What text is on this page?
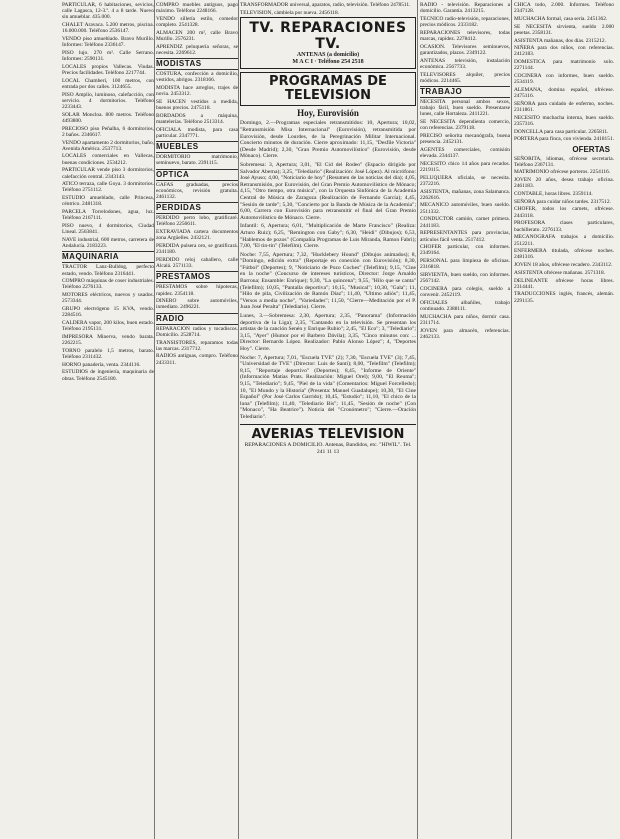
PARTICULAR, 6 habitaciones, sevicios, calle Lagasca, 12-3.º. 4 a 8 tarde. Nuevo sin amueblar. 435.000.

CHALET Aravaca. 5.200 metros, piscina. 16.000.000. Teléfono 2536147.

VENDO piso amueblado. Bravo Murillo. Informes: Teléfono 2336147.

PISO lujo. 270 m². Calle Serrano. Informes: 2590131.

LOCALES propios Vallecas. Viudas. Precios facilidades. Teléfono 2217744.

LOCAL Chamberí, 100 metros, con entrada por dos calles. 3124655.

PISO Amplio, luminoso, calefacción, con servicio. 4 dormitorios. Teléfono 2233443.

SOLAR Moncloa. 800 metros. Teléfono 4493800.

PRECIOSO piso Peñalba, 6 dormitorios, 2 baños. 2346617.

VENDO apartamento 2 dormitorios, baño, Avenida América. 2537713.

LOCALES comerciales en Vallecas, buenas condiciones. 2534212.

PARTICULAR vende piso 3 dormitorios, calefacción central. 2343143.

ATICO terraza, calle Goya. 3 dormitorios. Teléfono 2751112.

ESTUDIO amueblado, calle Princesa, céntrico. 2481318.

PARCELA Torrelodones, agua, luz. Teléfono 2167111.

PISO nuevo, 4 dormitorios, Ciudad Lineal. 2563841.

NAVE industrial, 600 metros, carretera de Andalucía. 2183223.

MAQUINARIA

TRACTOR Lanz-Bulldog, perfecto estado, vendo. Teléfono 2316441.

COMPRO máquinas de coser industriales. Teléfono 2276133.

MOTORES eléctricos, nuevos y usados. 2573344.

GRUPO electrógeno 15 KVA, vendo. 2284516.

CALDERA vapor, 200 kilos, buen estado. Teléfono 2195131.

IMPRESORA Minerva, vendo barata. 2262215.

TORNO paralelo 1,5 metros, barato. Teléfono 2311432.

HORNO panadería, venta. 2344116.

ESTUDIOS de ingeniería, maquinaria de obras. Teléfono 2545180.

COMPRO muebles antiguos, pago máximo. Teléfono 2248166.

VENDO sillería estilo, comedor completo. 2541328.

ALMACEN 200 m², calle Bravo Murillo. 2576231.

APRENDIZ peluquería señoras, se necesita. 2269612.

MODISTAS

COSTURA, confección a domicilio, vestidos, abrigos. 2318166.

MODISTA hace arreglos, trajes de novia. 2453312.

SE HACEN vestidos a medida, buenos precios. 2475118.

BORDADOS a máquina, mantelerías. Teléfono 2513314.

OFICIALA modista, para casa particular. 2347771.

MUEBLES

DORMITORIO matrimonio, seminuevo, barato. 2391115.

OPTICA

GAFAS graduadas, precios económicos, revisión gratuita. 2461132.

PERDIDAS

PERDIDO perro lobo, gratificaré. Teléfono 2256611.

EXTRAVIADA cartera documentos zona Argüelles. 2432121.

PERDIDA pulsera oro, se gratificará. 2341180.

PERDIDO reloj caballero, calle Alcalá. 2571133.

PRESTAMOS

PRESTAMOS sobre hipotecas, rapidez. 2354118.

DINERO sobre automóviles, inmediato. 2496221.

RADIO

REPARACION radios y tocadiscos. Domicilio. 2528714.

TRANSISTORES, reparamos todas las marcas. 2317712.

RADIOS antiguas, compro. Teléfono 2433311.

TRANSFORMADOR universal, aparatos, radio, televisión. Teléfono 2478511.

TELEVISION, cámbiela por nueva. 2456118.

TV. REPARACIONES TV.
ANTENAS (a domicilio)
M A C I · Teléfono 254 2518
PROGRAMAS DE TELEVISION
Hoy, Eurovisión

Domingo, 2.—Programas especiales retransmitidos: 10, Apertura; 10,02, "Retransmisión Misa Internacional" (Eurovisión), retransmitida por Eurovisión, desde Lourdes, de la Peregrinación Militar Internacional. Concierto minutos de duración. Cierre aproximado: 11,15, "Desfile Victoria" (Desde Madrid); 2,30, "Gran Premio Automovilístico" (Eurovisión, desde Mónaco). Cierre.

Sobremesa: 3, Apertura; 3,01, "El Cid del Rodeo" (Espacio dirigido por Salvador Aberna); 3,25, "Telediario" (Realización: José López). Al micrófono: José Ayuso; 4,00, "Noticiario de hoy" (Resumen de las noticias del día); 4,05, Retransmisión, por Eurovisión, del Gran Premio Automovilístico de Mónaco; 4,15, "Otro tiempo, otra música", con la Orquesta Sinfónica de la Academia Central de Música de Zaragoza (Realización de Fernando García); 4,45, "Sesión de tarde"; 5,30, "Concierto por la Banda de Música de la Academia"; 6,00, Carrera con Eurovisión para retransmitir el final del Gran Premio Automovilístico de Mónaco. Cierre.

Infantil: 6, Apertura; 6,01, "Multiplicación de Marte Francisco" (Realiza: Arturo Ruiz); 6,25, "Remington con Gaby"; 6,30, "Heidi" (Dibujos); 6,53, "Hablemos de pozos" (Compañía Programas de Luis Miranda, Ramon Fabri); 7,00, "El tin-tin" (Telefilm). Cierre.

Noche: 7,55, Apertura; 7,32, "Hucklebery Hound" (Dibujos animados); 8, "Domingo, edición extra" (Reportaje en conexión con Eurovisión); 8,30, "Fútbol" (Deportes); 9, "Noticiario de Pozo Coches" (Telefilm); 9,15, "Cine en la noche" (Concurso de intereses turísticos, Director: Jorge Arnaldo Barrona; Ensamble: Enrique); 9,30, "La quincena"; 9,55, "Hilo que se canta" (Telefilm); 10,05, "Pantalla deportiva"; 10,15, "Musical"; 10,30, "Gala"; 11, "Hilo de pila, Civilización de Ramón Díaz"; 11,40, "Ultimo adiós"; 11,45, "Versos a media noche", "Variedades"; 11,50, "Cierre—Meditación por el P. Juan José Peralta" (Telediario). Cierre.

Lunes, 3.—Sobremesa: 2,30, Apertura; 2,35, "Panorama" (Información deportiva de la Liga); 2,35, "Cantando en la televisión. Se presentan los artistas de la canción Senén y Enrique Rubio"; 2,45, "El Eco"; 3, "Telediario"; 3,15, "Ayer" (Humor por el Barbero Dávila); 3,35, "Cinco minutos con: ... Director: Bernardo López. Realizador: Pablo Alonso López"; 4, "Deportes Hoy". Cierre.

Noche: 7, Apertura; 7,01, "Escuela TVE" (2); 7,30, "Escuela TVE" (3); 7,45, "Universidad de TVE" (Director: Luis de Santi); 8,00, "Telefilm" (Telefilm); 8,15, "Reportaje deportivo" (Deportes); 8,45, "Informe de Oriente" (Información Matías Prats. Realización: Miguel Orel); 9,00, "El Reuma"; 9,15, "Telediario"; 9,45, "Piel de la vida" (Comentarios: Miguel Forcelledo); 10, "El Mundo y la Historia" (Presenta: Manuel Guadalupe); 10,30, "El Cine Español" (Por José Carlos Garrido); 10,45, "Estudio"; 11,10, "El chico de la luna" (Telefilm); 11,40, "Telediario Bis"; 11,45, "Sesión de noche" (Con "Monaco", "Ha Beatrice"). Noticia del "Cronómetro"; "Cierre.—Oración Telediario".

AVERIAS TELEVISION
REPARACIONES A DOMICILIO. Antenas, Bandidos, etc. "HIWIL". Tel. 241 11 13

RADIO - televisión. Reparaciones a domicilio. Garantía. 2413215.

TECNICO radio-televisión, reparaciones, precios módicos. 2333182.

REPARACIONES televisores, todas marcas, rapidez. 2278412.

OCASION. Televisores seminuevos, garantizados, plazos. 2349122.

ANTENAS televisión, instalación económica. 2567733.

TELEVISORES alquiler, precios módicos. 2214465.

TRABAJO

NECESITA personal ambos sexos, trabajo fácil, buen sueldo. Presentarse lunes, calle Hortaleza. 2411221.

SE NECESITA dependienta comercio, con referencias. 2379118.

PRECISO señorita mecanógrafa, buena presencia. 2452131.

AGENTES comerciales, comisión elevada. 2344137.

NECESITO chico 14 años para recados. 2219115.

PELUQUERA oficiala, se necesita. 2372216.

ASISTENTA, mañanas, zona Salamanca. 2262616.

MECANICO automóviles, buen sueldo. 2511332.

CONDUCTOR camión, carnet primera. 2441183.

REPRESENTANTES para provincias, artículos fácil venta. 2517412.

CHOFER particular, con informes. 2349164.

PERSONAL para limpieza de oficinas. 2316818.

SIRVIENTA, buen sueldo, con informes. 2567142.

COCINERA para colegio, sueldo a convenir. 2452119.

OFICIALES albañiles, trabajo continuado. 2388111.

MUCHACHA para niños, dormir casa. 2311714.

JOVEN para almacén, referencias. 2462133.

CHICA todo, 2.000. Informes. Teléfono 2347128.

MUCHACHA formal, casa seria. 2451362.

SE NECESITA sirvienta, sueldo 2.000 pesetas. 2358131.

ASISTENTA mañanas, dos días. 2315212.

NIÑERA para dos niños, con referencias. 2412183.

DOMESTICA para matrimonio solo. 2271144.

COCINERA con informes, buen sueldo. 2534119.

ALEMANA, domina español, ofrécese. 2475116.

SEÑORA para cuidado de enfermo, noches. 2311861.

NECESITO muchacha interna, buen sueldo. 2357316.

DONCELLA para casa particular. 2265811.

PORTERA para finca, con vivienda. 2418151.

OFERTAS

SEÑORITA, idiomas, ofrécese secretaria. Teléfono 2367131.

MATRIMONIO ofrécese porteros. 2254116.

JOVEN 20 años, desea trabajo oficina. 2461183.

CONTABLE, horas libres. 2359114.

SEÑORA para cuidar niños tardes. 2317512.

CHOFER, todos los carnets, ofrécese. 2443118.

PROFESORA clases particulares, bachillerato. 2276133.

MECANOGRAFA trabajos a domicilio. 2512211.

ENFERMERA titulada, ofrécese noches. 2481316.

JOVEN 18 años, ofrécese recadero. 2343112.

ASISTENTA ofrécese mañanas. 2571318.

DELINEANTE ofrécese horas libres. 2314441.

TRADUCCIONES inglés, francés, alemán. 2291135.
